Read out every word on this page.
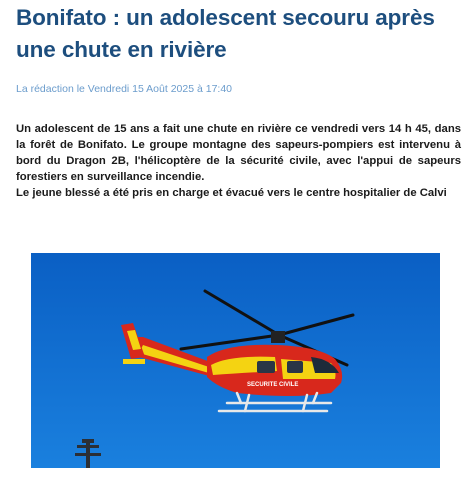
Bonifato : un adolescent secouru après une chute en rivière
La rédaction le Vendredi 15 Août 2025 à 17:40

Un adolescent de 15 ans a fait une chute en rivière ce vendredi vers 14 h 45, dans la forêt de Bonifato. Le groupe montagne des sapeurs-pompiers est intervenu à bord du Dragon 2B, l'hélicoptère de la sécurité civile, avec l'appui de sapeurs forestiers en surveillance incendie.

Le jeune blessé a été pris en charge et évacué vers le centre hospitalier de Calvi

SECURITE CIVILE
